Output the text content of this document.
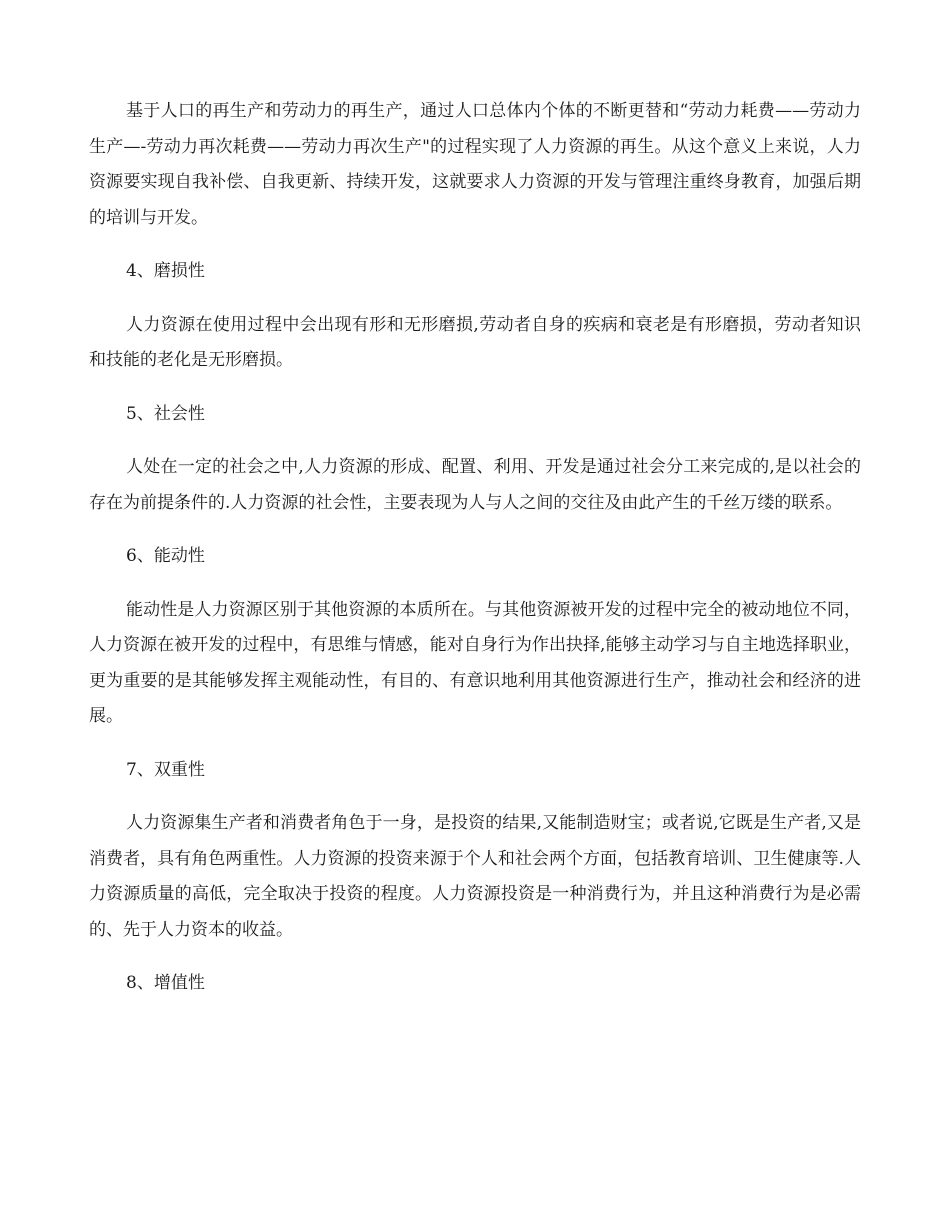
基于人口的再生产和劳动力的再生产，通过人口总体内个体的不断更替和“劳动力耗费——劳动力生产—-劳动力再次耗费——劳动力再次生产"的过程实现了人力资源的再生。从这个意义上来说，人力资源要实现自我补偿、自我更新、持续开发，这就要求人力资源的开发与管理注重终身教育，加强后期的培训与开发。

4、磨损性

人力资源在使用过程中会出现有形和无形磨损,劳动者自身的疾病和衰老是有形磨损，劳动者知识和技能的老化是无形磨损。

5、社会性

人处在一定的社会之中,人力资源的形成、配置、利用、开发是通过社会分工来完成的,是以社会的存在为前提条件的.人力资源的社会性，主要表现为人与人之间的交往及由此产生的千丝万缕的联系。

6、能动性

能动性是人力资源区别于其他资源的本质所在。与其他资源被开发的过程中完全的被动地位不同，人力资源在被开发的过程中，有思维与情感，能对自身行为作出抉择,能够主动学习与自主地选择职业，更为重要的是其能够发挥主观能动性，有目的、有意识地利用其他资源进行生产，推动社会和经济的进展。

7、双重性

人力资源集生产者和消费者角色于一身，是投资的结果,又能制造财宝；或者说,它既是生产者,又是消费者，具有角色两重性。人力资源的投资来源于个人和社会两个方面，包括教育培训、卫生健康等.人力资源质量的高低，完全取决于投资的程度。人力资源投资是一种消费行为，并且这种消费行为是必需的、先于人力资本的收益。

8、增值性
